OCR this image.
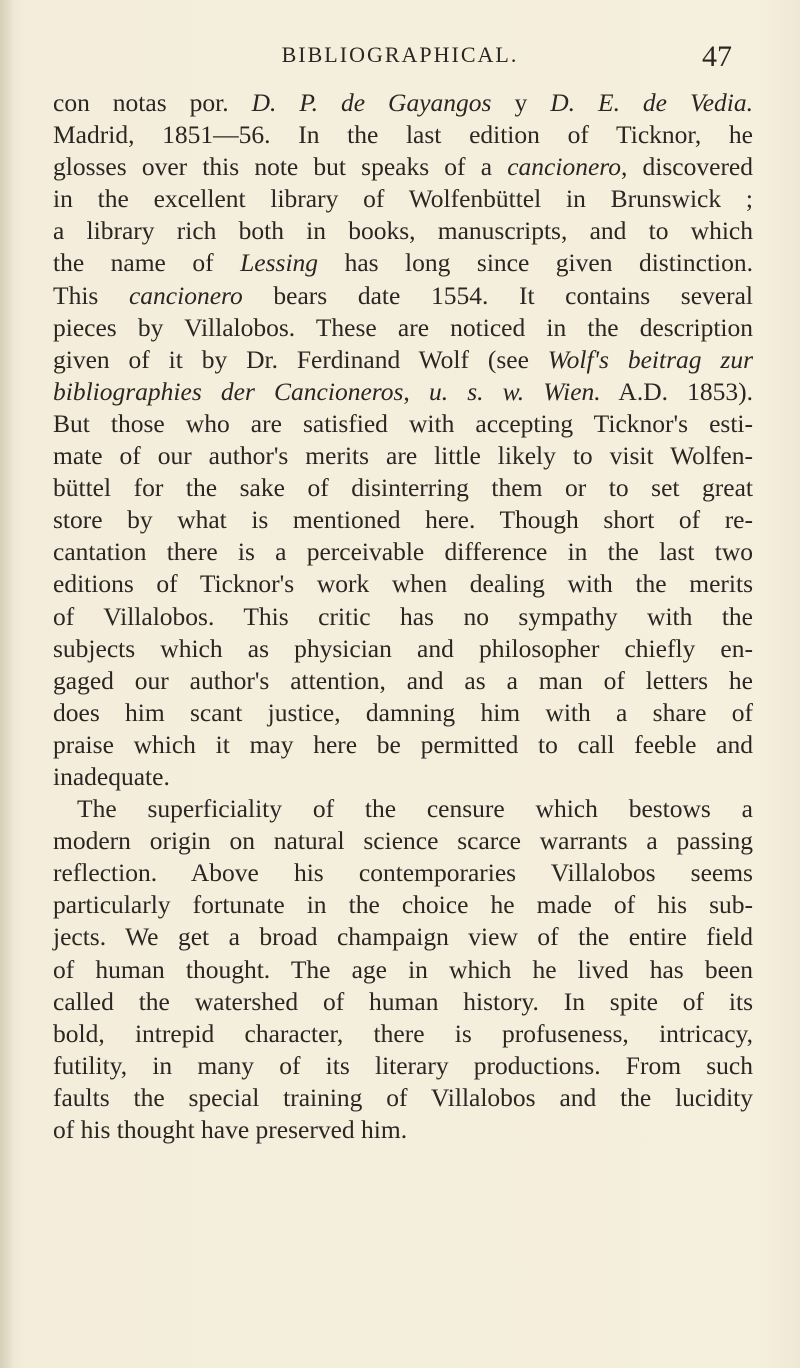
BIBLIOGRAPHICAL.	47
con notas por. D. P. de Gayangos y D. E. de Vedia.
Madrid, 1851—56. In the last edition of Ticknor, he
glosses over this note but speaks of a cancionero, discovered
in the excellent library of Wolfenbüttel in Brunswick ;
a library rich both in books, manuscripts, and to which
the name of Lessing has long since given distinction.
This cancionero bears date 1554. It contains several
pieces by Villalobos. These are noticed in the description
given of it by Dr. Ferdinand Wolf (see Wolf's beitrag zur
bibliographies der Cancioneros, u. s. w. Wien. A.D. 1853).
But those who are satisfied with accepting Ticknor's esti-
mate of our author's merits are little likely to visit Wolfen-
büttel for the sake of disinterring them or to set great
store by what is mentioned here. Though short of re-
cantation there is a perceivable difference in the last two
editions of Ticknor's work when dealing with the merits
of Villalobos. This critic has no sympathy with the
subjects which as physician and philosopher chiefly en-
gaged our author's attention, and as a man of letters he
does him scant justice, damning him with a share of
praise which it may here be permitted to call feeble and
inadequate.
The superficiality of the censure which bestows a
modern origin on natural science scarce warrants a passing
reflection. Above his contemporaries Villalobos seems
particularly fortunate in the choice he made of his sub-
jects. We get a broad champaign view of the entire field
of human thought. The age in which he lived has been
called the watershed of human history. In spite of its
bold, intrepid character, there is profuseness, intricacy,
futility, in many of its literary productions. From such
faults the special training of Villalobos and the lucidity
of his thought have preserved him.
